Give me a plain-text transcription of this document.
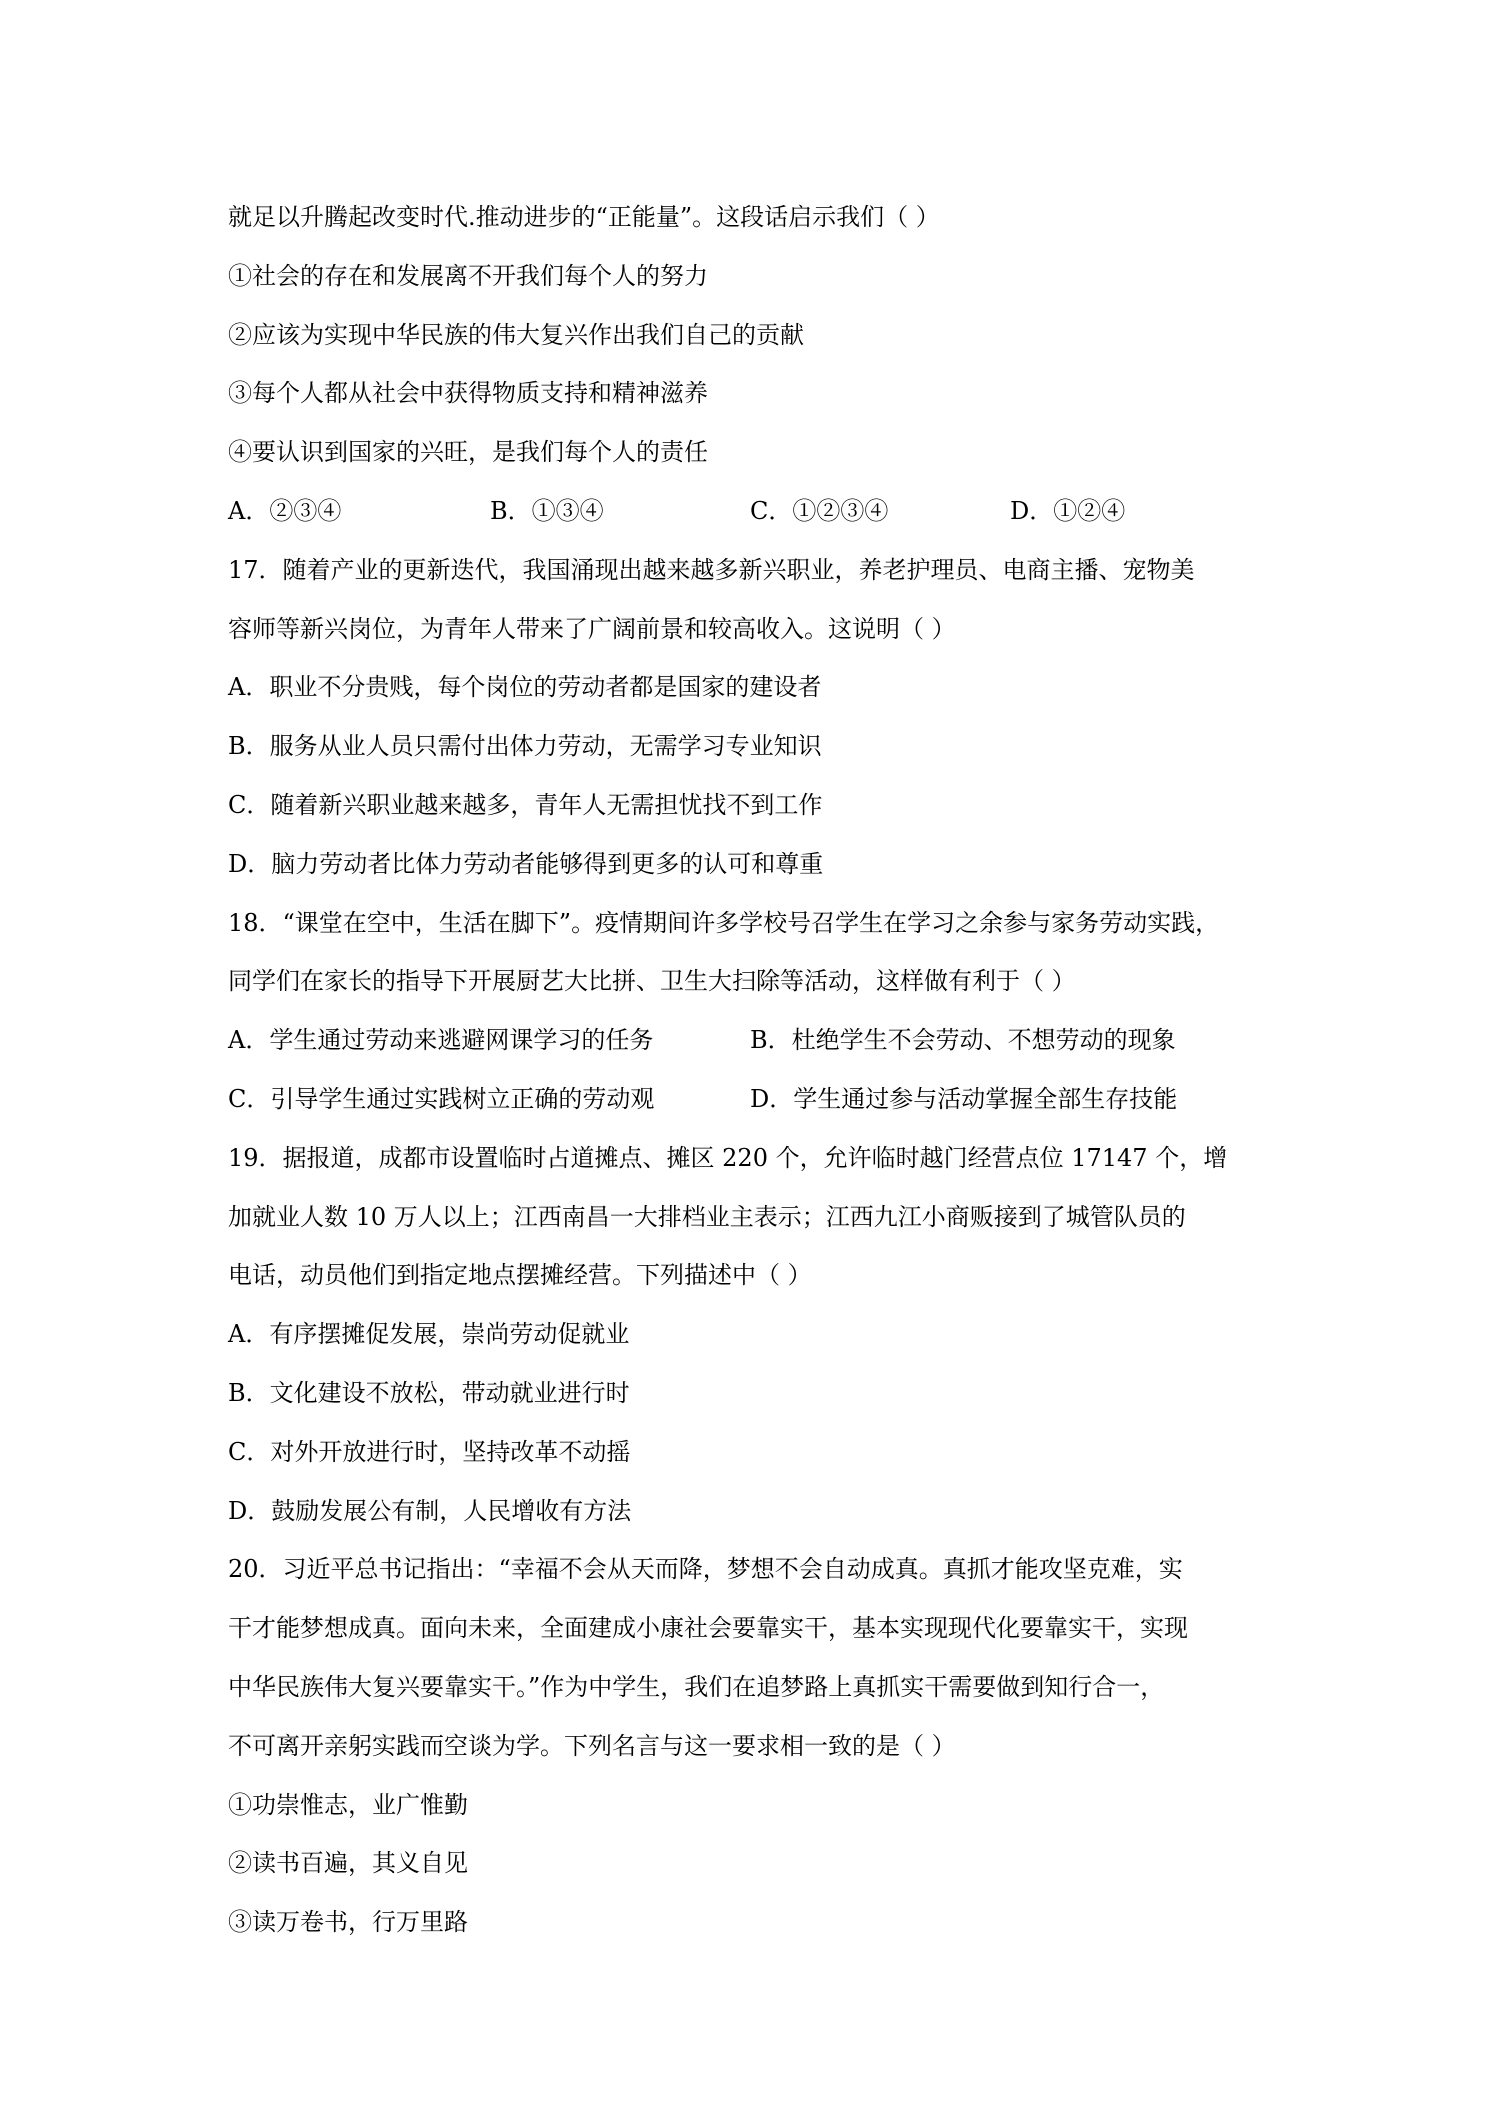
就足以升腾起改变时代.推动进步的“正能量”。这段话启示我们（ ）
①社会的存在和发展离不开我们每个人的努力
②应该为实现中华民族的伟大复兴作出我们自己的贡献
③每个人都从社会中获得物质支持和精神滋养
④要认识到国家的兴旺，是我们每个人的责任
A．②③④	B．①③④	C．①②③④	D．①②④
17．随着产业的更新迭代，我国涌现出越来越多新兴职业，养老护理员、电商主播、宠物美
容师等新兴岗位，为青年人带来了广阔前景和较高收入。这说明（ ）
A．职业不分贵贱，每个岗位的劳动者都是国家的建设者
B．服务从业人员只需付出体力劳动，无需学习专业知识
C．随着新兴职业越来越多，青年人无需担忧找不到工作
D．脑力劳动者比体力劳动者能够得到更多的认可和尊重
18．“课堂在空中，生活在脚下”。疫情期间许多学校号召学生在学习之余参与家务劳动实践，
同学们在家长的指导下开展厨艺大比拼、卫生大扫除等活动，这样做有利于（ ）
A．学生通过劳动来逃避网课学习的任务	B．杜绝学生不会劳动、不想劳动的现象
C．引导学生通过实践树立正确的劳动观	D．学生通过参与活动掌握全部生存技能
19．据报道，成都市设置临时占道摊点、摊区 220 个，允许临时越门经营点位 17147 个，增
加就业人数 10 万人以上；江西南昌一大排档业主表示；江西九江小商贩接到了城管队员的
电话，动员他们到指定地点摆摊经营。下列描述中（ ）
A．有序摆摊促发展，崇尚劳动促就业
B．文化建设不放松，带动就业进行时
C．对外开放进行时，坚持改革不动摇
D．鼓励发展公有制，人民增收有方法
20．习近平总书记指出：“幸福不会从天而降，梦想不会自动成真。真抓才能攻坚克难，实
干才能梦想成真。面向未来，全面建成小康社会要靠实干，基本实现现代化要靠实干，实现
中华民族伟大复兴要靠实干。”作为中学生，我们在追梦路上真抓实干需要做到知行合一，
不可离开亲躬实践而空谈为学。下列名言与这一要求相一致的是（ ）
①功崇惟志，业广惟勤
②读书百遍，其义自见
③读万卷书，行万里路
